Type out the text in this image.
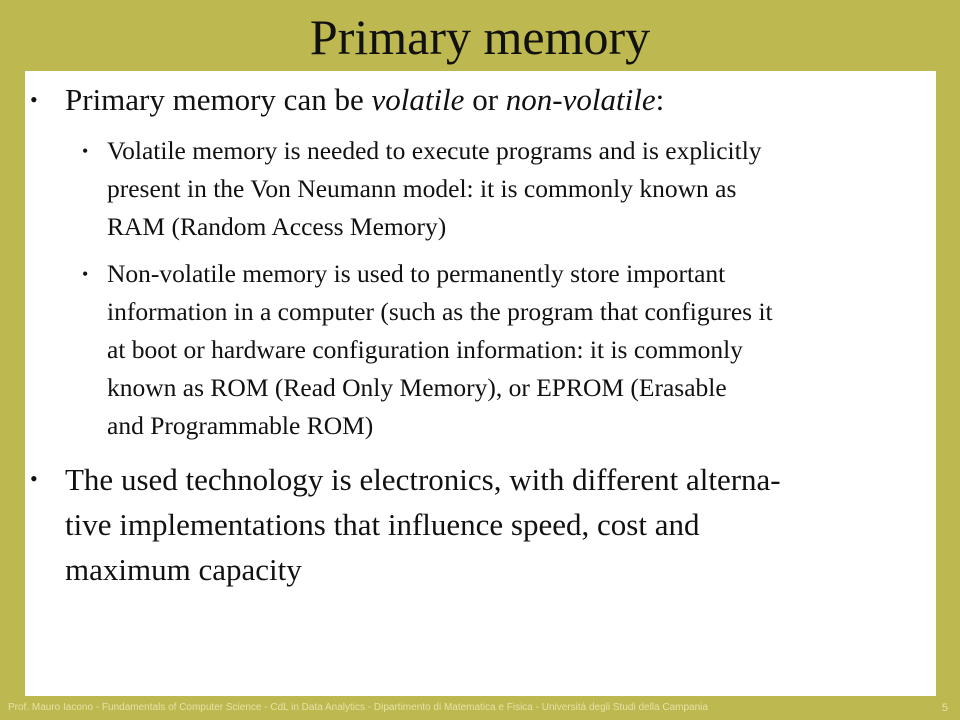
Primary memory
• Primary memory can be volatile or non-volatile:
• Volatile memory is needed to execute programs and is explicitly
present in the Von Neumann model: it is commonly known as
RAM (Random Access Memory)
• Non-volatile memory is used to permanently store important
information in a computer (such as the program that configures it
at boot or hardware configuration information: it is commonly
known as ROM (Read Only Memory), or EPROM (Erasable
and Programmable ROM)
• The used technology is electronics, with different alterna-
tive implementations that influence speed, cost and
maximum capacity
Prof. Mauro Iacono - Fundamentals of Computer Science - CdL in Data Analytics - Dipartimento di Matematica e Fisica - Università degli Studi della Campania	5
